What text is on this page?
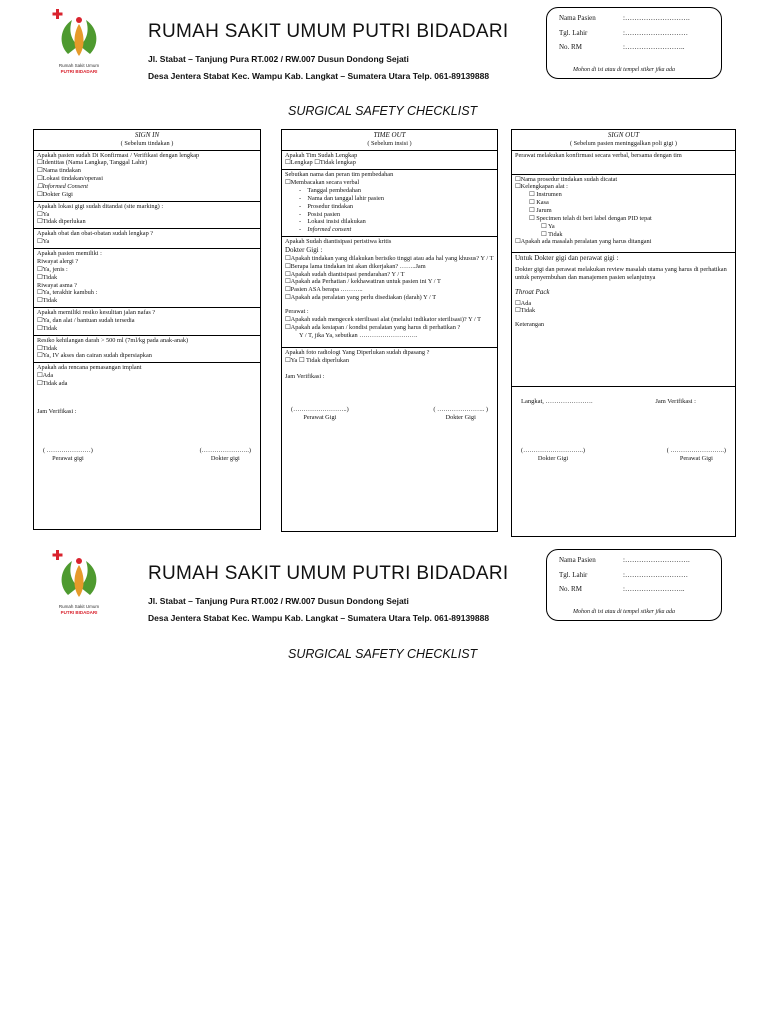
Rumah Sakit Umum
PUTRI BIDADARI
RUMAH SAKIT UMUM PUTRI BIDADARI
Jl. Stabat – Tanjung Pura RT.002 / RW.007 Dusun Dondong Sejati
Desa Jentera Stabat Kec. Wampu Kab. Langkat – Sumatera Utara Telp. 061-89139888
Nama Pasien	:……………………….
Tgl. Lahir	:………………………
No. RM	:……………………..
Mohon di isi atau di tempel stiker jika ada
SURGICAL SAFETY CHECKLIST
SIGN IN
( Sebelum tindakan )

Apakah pasien sudah Di Konfirmasi / Verifikasi dengan lengkap

☐Identitas (Nama Langkap, Tanggal Lahir)

☐Nama tindakan

☐Lokasi tindakan/operasi

☐Informed Consent

☐Dokter Gigi

Apakah lokasi gigi sudah ditandai (site marking) :

☐Ya

☐Tidak diperlukan

Apakah obat dan obat-obatan sudah lengkap ?

☐Ya

Apakah pasien memiliki :

Riwayat alergi ?

☐Ya, jenis :

☐Tidak

Riwayat asma ?

☐Ya, terakhir kambuh :

☐Tidak

Apakah memiliki resiko kesulitan jalan nafas ?

☐Ya, dan alat / bantuan sudah tersedia

☐Tidak

Resiko kehilangan darah > 500 ml (7ml/kg pada anak-anak)

☐Tidak

☐Ya, IV akses dan cairan sudah dipersiapkan

Apakah ada rencana pemasangan implant

☐Ada

☐Tidak ada

Jam Verifikasi :

( …………………)
Perawat gigi
(…………………..)
Dokter gigi
TIME OUT
( Sebelum insisi )

Apakah Tim Sudah Lengkap

☐Lengkap ☐Tidak lengkap

Sebutkan nama dan peran tim pembedahan

☐Membacakan secara verbal

-    Tanggal pembedahan

-    Nama dan tanggal lahir pasien

-    Prosedur tindakan

-    Posisi pasien

-    Lokasi insisi dilakukan

-    Informed consent

Apakah Sudah diantisipasi peristiwa kritis

Dokter Gigi :

☐Apakah tindakan yang dilakukan berisiko tinggi atau ada hal yang khusus? Y / T

☐Berapa lama tindakan ini akan dikerjakan? ……..Jam

☐Apakah sudah diantisipasi pendarahan? Y / T

☐Apakah ada Perhatian / kekhawatiran untuk pasien ini Y / T

☐Pasien ASA berapa ………..

☐Apakah ada peralatan yang perlu disediakan (darah) Y / T

Perawat :

☐Apakah sudah mengecek sterilisasi alat (melalui indikator sterilisasi)? Y / T

☐Apakah ada kesiapan / kondisi peralatan yang harus di perhatikan ?

Y / T, jika Ya, sebutkan ……………………….

Apakah foto radiologi Yang Diperlukan sudah dipasang ?

☐Ya ☐ Tidak diperlukan

Jam Verifikasi :

(……………………..)
Perawat Gigi
( ………………….. )
Dokter Gigi
SIGN OUT
( Sebelum pasien meninggalkan poli gigi )

Perawat melakukan konfirmasi secara verbal, bersama dengan tim

☐Nama prosedur tindakan sudah dicatat

☐Kelengkapan alat :

☐ Instrumen

☐ Kasa

☐ Jarum

☐ Specimen telah di beri label dengan PID tepat

☐ Ya

☐ Tidak

☐Apakah ada masalah peralatan yang harus ditangani

Untuk Dokter gigi dan perawat gigi :

Dokter gigi dan perawat melakukan review masalah utama yang harus di perhatikan untuk penyembuhan dan manajemen pasien selanjutnya

Throat Pack

☐Ada

☐Tidak

Keterangan

Langkat, ………………….	Jam Verifikasi :
(………………………..)
Dokter Gigi
( ……………………..)
Perawat Gigi
Rumah Sakit Umum
PUTRI BIDADARI
RUMAH SAKIT UMUM PUTRI BIDADARI
Jl. Stabat – Tanjung Pura RT.002 / RW.007 Dusun Dondong Sejati
Desa Jentera Stabat Kec. Wampu Kab. Langkat – Sumatera Utara Telp. 061-89139888
Nama Pasien	:……………………….
Tgl. Lahir	:………………………
No. RM	:……………………..
Mohon di isi atau di tempel stiker jika ada
SURGICAL SAFETY CHECKLIST
